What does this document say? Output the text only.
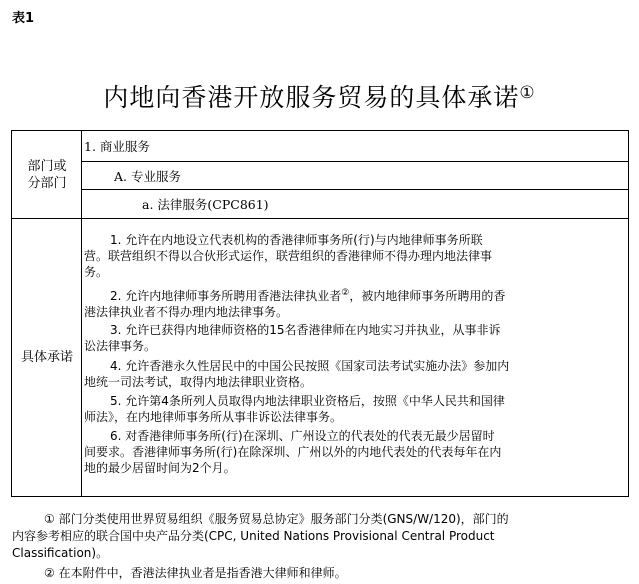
表1
内地向香港开放服务贸易的具体承诺①
部门或
分部门
1. 商业服务
A. 专业服务
a. 法律服务(CPC861)
具体承诺
1. 允许在内地设立代表机构的香港律师事务所(行)与内地律师事务所联
营。联营组织不得以合伙形式运作，联营组织的香港律师不得办理内地法律事
务。
2. 允许内地律师事务所聘用香港法律执业者②，被内地律师事务所聘用的香
港法律执业者不得办理内地法律事务。
3. 允许已获得内地律师资格的15名香港律师在内地实习并执业，从事非诉
讼法律事务。
4. 允许香港永久性居民中的中国公民按照《国家司法考试实施办法》参加内
地统一司法考试，取得内地法律职业资格。
5. 允许第4条所列人员取得内地法律职业资格后，按照《中华人民共和国律
师法》，在内地律师事务所从事非诉讼法律事务。
6. 对香港律师事务所(行)在深圳、广州设立的代表处的代表无最少居留时
间要求。香港律师事务所(行)在除深圳、广州以外的内地代表处的代表每年在内
地的最少居留时间为2个月。
① 部门分类使用世界贸易组织《服务贸易总协定》服务部门分类(GNS/W/120)，部门的
内容参考相应的联合国中央产品分类(CPC, United Nations Provisional Central Product
Classification)。
② 在本附件中，香港法律执业者是指香港大律师和律师。
